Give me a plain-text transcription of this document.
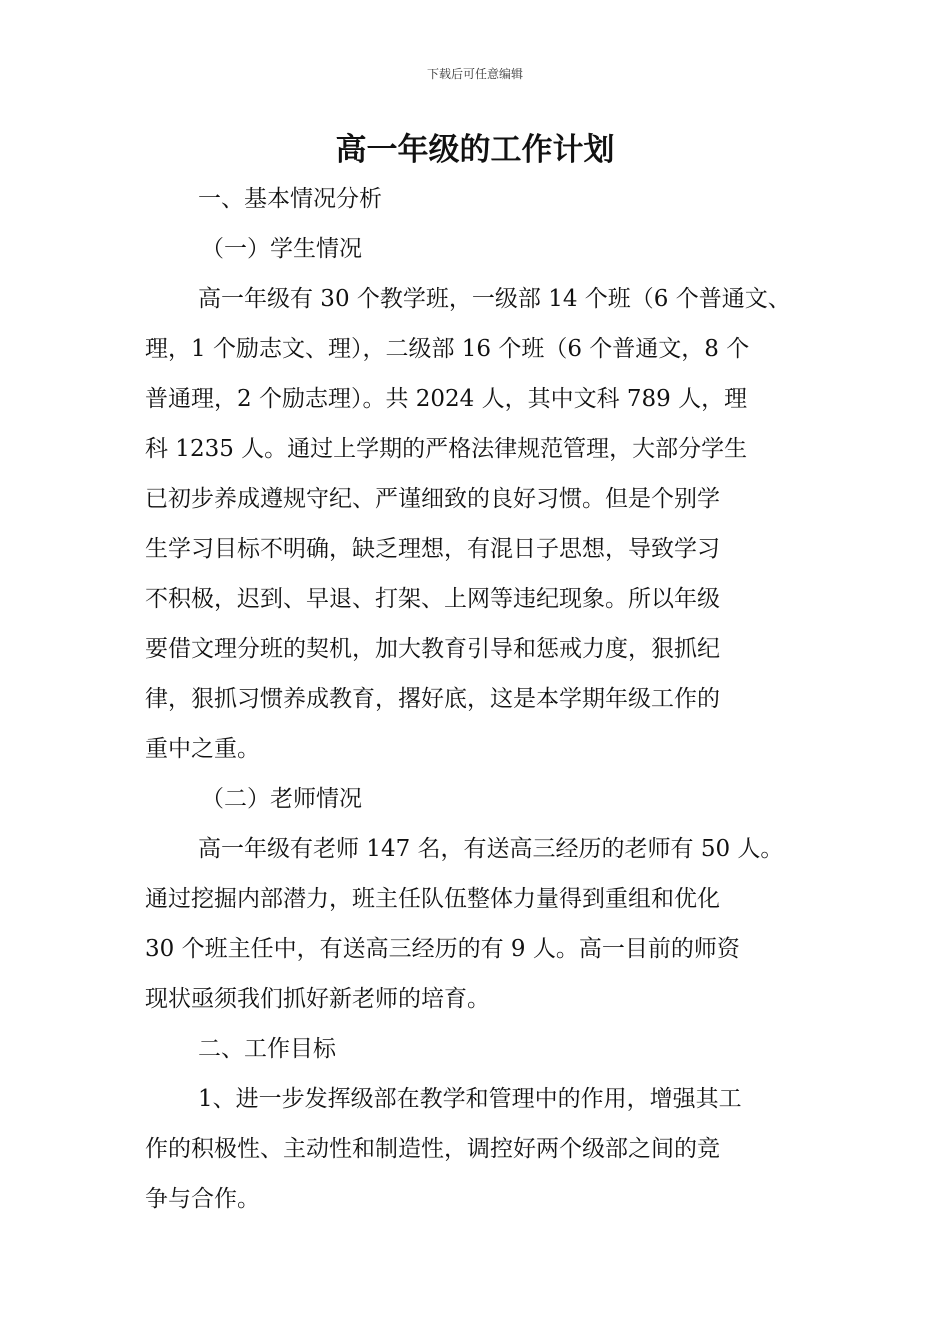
下载后可任意编辑
高一年级的工作计划
一、基本情况分析
（一）学生情况
高一年级有 30 个教学班，一级部 14 个班（6 个普通文、
理，1 个励志文、理），二级部 16 个班（6 个普通文，8 个
普通理，2 个励志理）。共 2024 人，其中文科 789 人，理
科 1235 人。通过上学期的严格法律规范管理，大部分学生
已初步养成遵规守纪、严谨细致的良好习惯。但是个别学
生学习目标不明确，缺乏理想，有混日子思想，导致学习
不积极，迟到、早退、打架、上网等违纪现象。所以年级
要借文理分班的契机，加大教育引导和惩戒力度，狠抓纪
律，狠抓习惯养成教育，撂好底，这是本学期年级工作的
重中之重。
（二）老师情况
高一年级有老师 147 名，有送高三经历的老师有 50 人。
通过挖掘内部潜力，班主任队伍整体力量得到重组和优化
30 个班主任中，有送高三经历的有 9 人。高一目前的师资
现状亟须我们抓好新老师的培育。
二、工作目标
1、进一步发挥级部在教学和管理中的作用，增强其工
作的积极性、主动性和制造性，调控好两个级部之间的竞
争与合作。
